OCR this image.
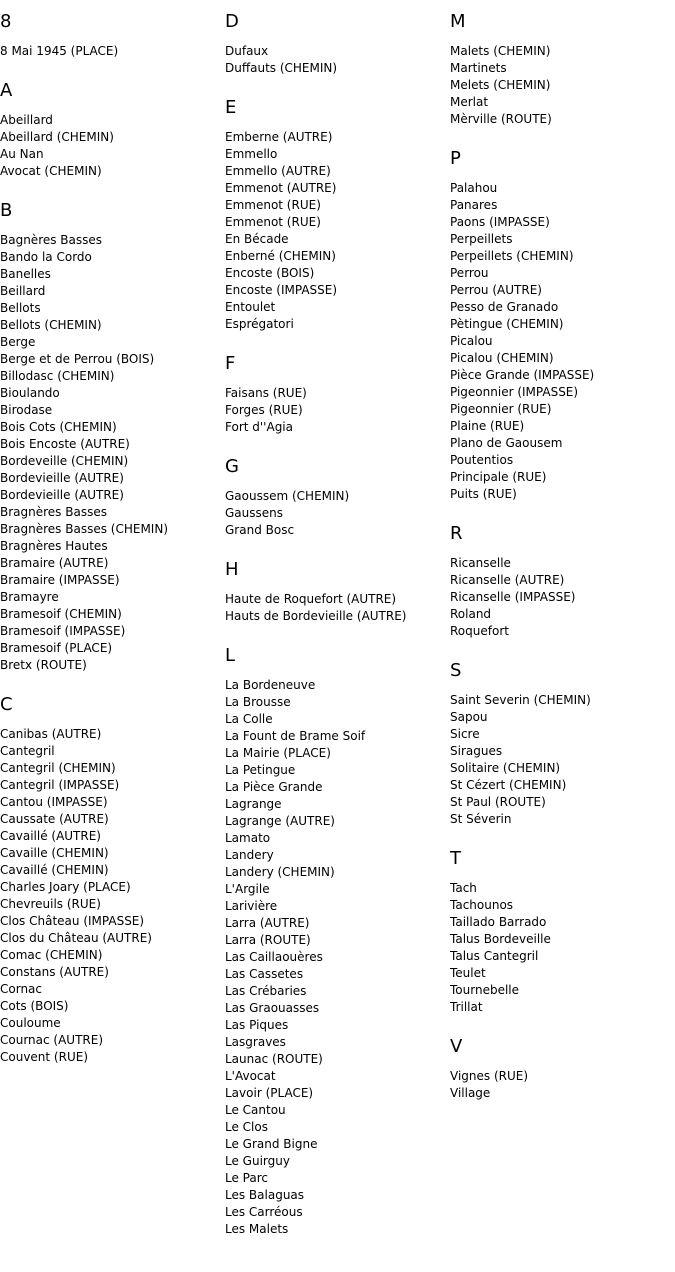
8
8 Mai 1945 (PLACE)
A
Abeillard
Abeillard (CHEMIN)
Au Nan
Avocat (CHEMIN)
B
Bagnères Basses
Bando la Cordo
Banelles
Beillard
Bellots
Bellots (CHEMIN)
Berge
Berge et de Perrou (BOIS)
Billodasc (CHEMIN)
Bioulando
Birodase
Bois Cots (CHEMIN)
Bois Encoste (AUTRE)
Bordeveille (CHEMIN)
Bordevieille (AUTRE)
Bordevieille (AUTRE)
Bragnères Basses
Bragnères Basses (CHEMIN)
Bragnères Hautes
Bramaire (AUTRE)
Bramaire (IMPASSE)
Bramayre
Bramesoif (CHEMIN)
Bramesoif (IMPASSE)
Bramesoif (PLACE)
Bretx (ROUTE)
C
Canibas (AUTRE)
Cantegril
Cantegril (CHEMIN)
Cantegril (IMPASSE)
Cantou (IMPASSE)
Caussate (AUTRE)
Cavaillé (AUTRE)
Cavaille (CHEMIN)
Cavaillé (CHEMIN)
Charles Joary (PLACE)
Chevreuils (RUE)
Clos Château (IMPASSE)
Clos du Château (AUTRE)
Comac (CHEMIN)
Constans (AUTRE)
Cornac
Cots (BOIS)
Couloume
Cournac (AUTRE)
Couvent (RUE)
D
Dufaux
Duffauts (CHEMIN)
E
Emberne (AUTRE)
Emmello
Emmello (AUTRE)
Emmenot (AUTRE)
Emmenot (RUE)
Emmenot (RUE)
En Bécade
Enberné (CHEMIN)
Encoste (BOIS)
Encoste (IMPASSE)
Entoulet
Esprégatori
F
Faisans (RUE)
Forges (RUE)
Fort d''Agia
G
Gaoussem (CHEMIN)
Gaussens
Grand Bosc
H
Haute de Roquefort (AUTRE)
Hauts de Bordevieille (AUTRE)
L
La Bordeneuve
La Brousse
La Colle
La Fount de Brame Soif
La Mairie (PLACE)
La Petingue
La Pièce Grande
Lagrange
Lagrange (AUTRE)
Lamato
Landery
Landery (CHEMIN)
L'Argile
Larivière
Larra (AUTRE)
Larra (ROUTE)
Las Caillaouères
Las Cassetes
Las Crébaries
Las Graouasses
Las Piques
Lasgraves
Launac (ROUTE)
L'Avocat
Lavoir (PLACE)
Le Cantou
Le Clos
Le Grand Bigne
Le Guirguy
Le Parc
Les Balaguas
Les Carréous
Les Malets
M
Malets (CHEMIN)
Martinets
Melets (CHEMIN)
Merlat
Mèrville (ROUTE)
P
Palahou
Panares
Paons (IMPASSE)
Perpeillets
Perpeillets (CHEMIN)
Perrou
Perrou (AUTRE)
Pesso de Granado
Pètingue (CHEMIN)
Picalou
Picalou (CHEMIN)
Pièce Grande (IMPASSE)
Pigeonnier (IMPASSE)
Pigeonnier (RUE)
Plaine (RUE)
Plano de Gaousem
Poutentios
Principale (RUE)
Puits (RUE)
R
Ricanselle
Ricanselle (AUTRE)
Ricanselle (IMPASSE)
Roland
Roquefort
S
Saint Severin (CHEMIN)
Sapou
Sicre
Siragues
Solitaire (CHEMIN)
St Cézert (CHEMIN)
St Paul (ROUTE)
St Séverin
T
Tach
Tachounos
Taillado Barrado
Talus Bordeveille
Talus Cantegril
Teulet
Tournebelle
Trillat
V
Vignes (RUE)
Village
